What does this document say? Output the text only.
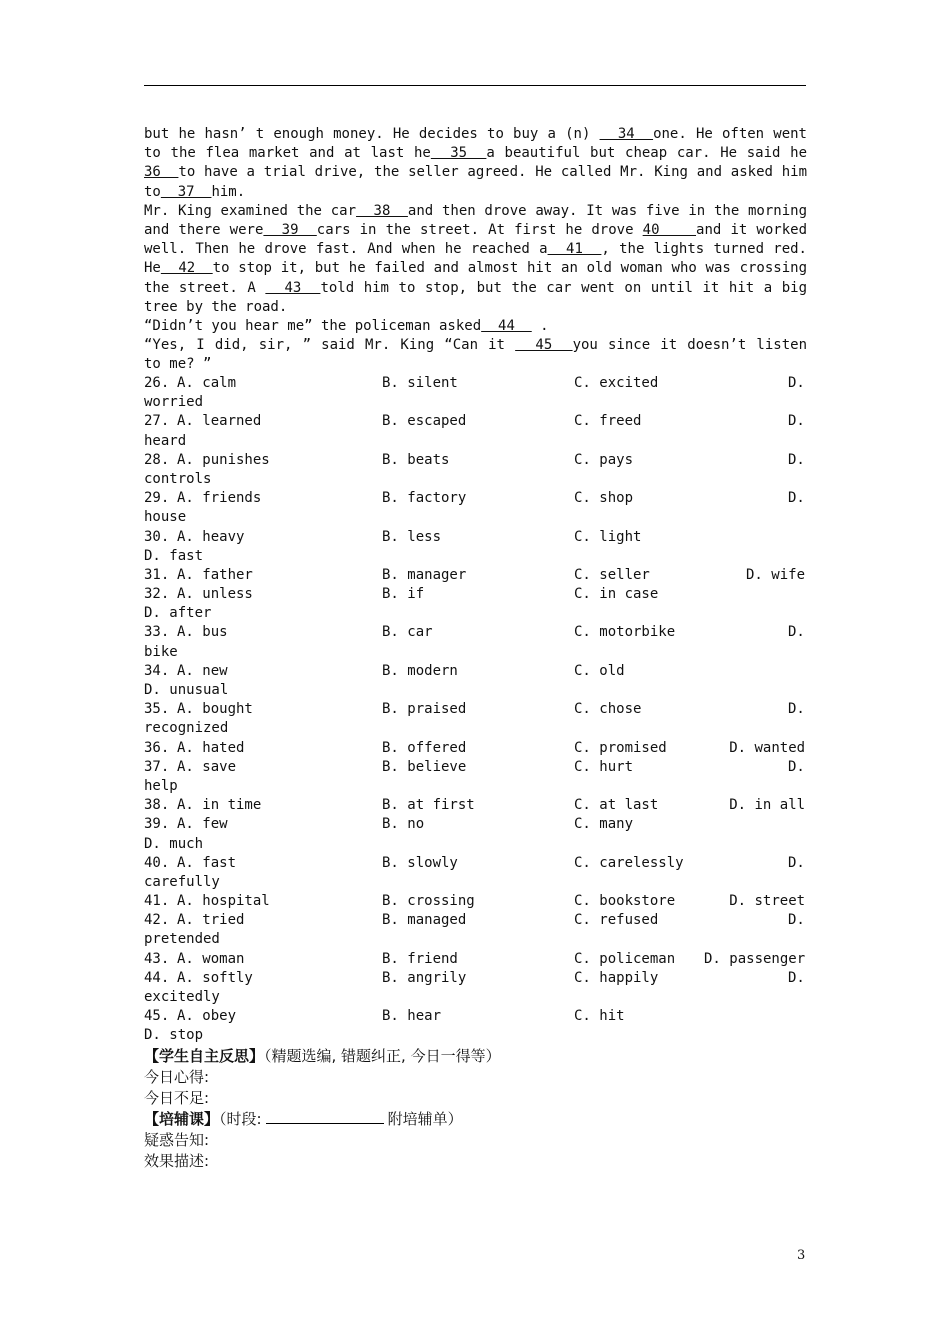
but he hasn’ t enough money. He decides to buy a (n)   34  one. He often went
to the flea market and at last he  35  a beautiful but cheap car. He said he
36  to have a trial drive, the seller agreed. He called Mr. King and asked him
to  37  him.
Mr. King examined the car  38  and then drove away. It was five in the morning
and there were  39  cars in the street. At first he drove 40    and it worked
well. Then he drove fast. And when he reached a  41  , the lights turned red.
He  42  to stop it, but he failed and almost hit an old woman who was crossing
the street. A   43  told him to stop, but the car went on until it hit a big
tree by the road.
“Didn’t you hear me” the policeman asked  44   .
“Yes, I did, sir, ” said Mr. King “Can it   45  you since it doesn’t listen
to me? ”
26. A. calm	B. silent	C. excited	D.
worried
27. A. learned	B. escaped	C. freed	D.
heard
28. A. punishes	B. beats	C. pays	D.
controls
29. A. friends	B. factory	C. shop	D.
house
30. A. heavy	B. less	C. light
D. fast
31. A. father	B. manager	C. seller	D. wife
32. A. unless	B. if	C. in case
D. after
33. A. bus	B. car	C. motorbike	D.
bike
34. A. new	B. modern	C. old
D. unusual
35. A. bought	B. praised	C. chose	D.
recognized
36. A. hated	B. offered	C. promised	D. wanted
37. A. save	B. believe	C. hurt	D.
help
38. A. in time	B. at first	C. at last	D. in all
39. A. few	B. no	C. many
D. much
40. A. fast	B. slowly	C. carelessly	D.
carefully
41. A. hospital	B. crossing	C. bookstore	D. street
42. A. tried	B. managed	C. refused	D.
pretended
43. A. woman	B. friend	C. policeman D. passenger
44. A. softly	B. angrily	C. happily	D.
excitedly
45. A. obey	B. hear	C. hit
D. stop
【学生自主反思】（精题选编, 错题纠正, 今日一得等）
今日心得:
今日不足:
【培辅课】（时段:	附培辅单）
疑惑告知:
效果描述:
3
